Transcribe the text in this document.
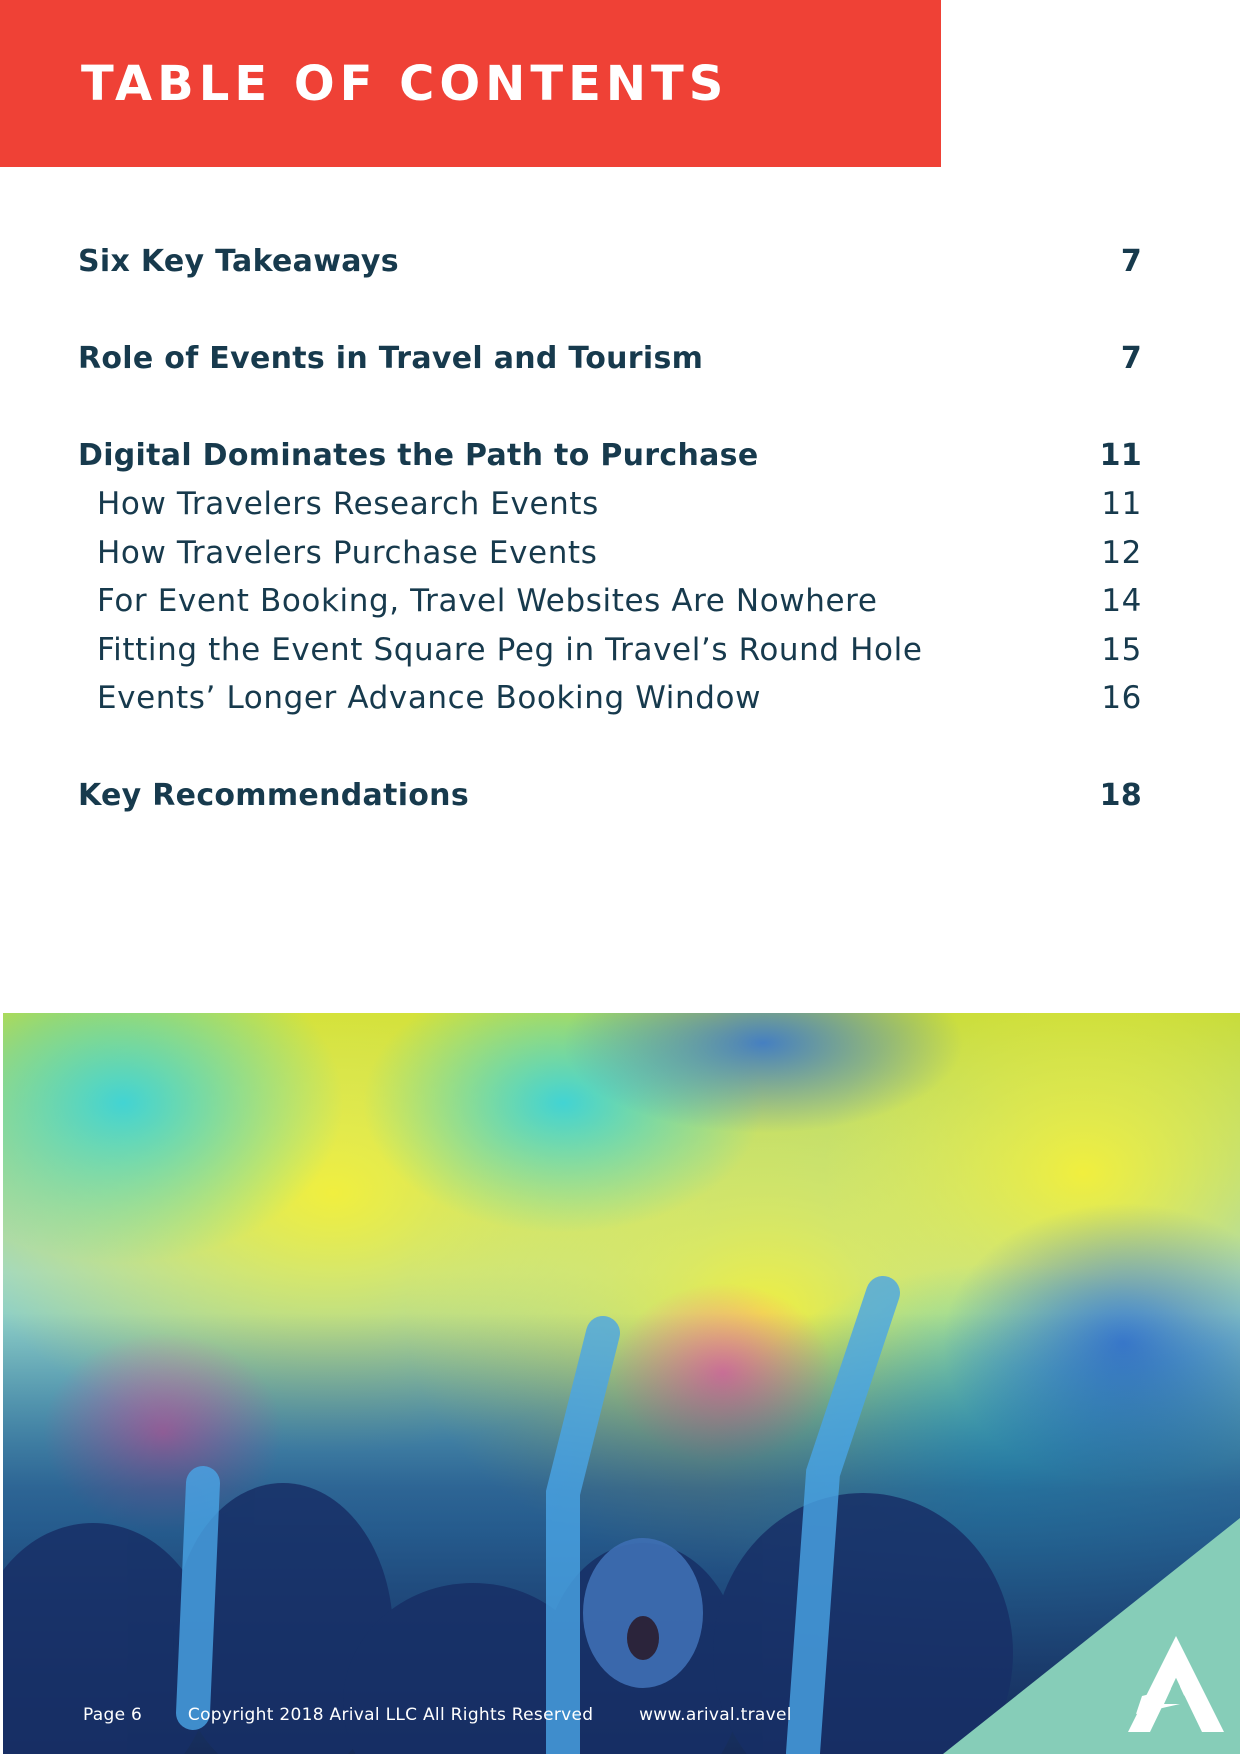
TABLE OF CONTENTS
Six Key Takeaways	7
Role of Events in Travel and Tourism	7
Digital Dominates the Path to Purchase	11
How Travelers Research Events	11
How Travelers Purchase Events	12
For Event Booking, Travel Websites Are Nowhere	14
Fitting the Event Square Peg in Travel’s Round Hole	15
Events’ Longer Advance Booking Window	16
Key Recommendations	18
Page 6	Copyright 2018 Arival LLC All Rights Reserved	www.arival.travel
